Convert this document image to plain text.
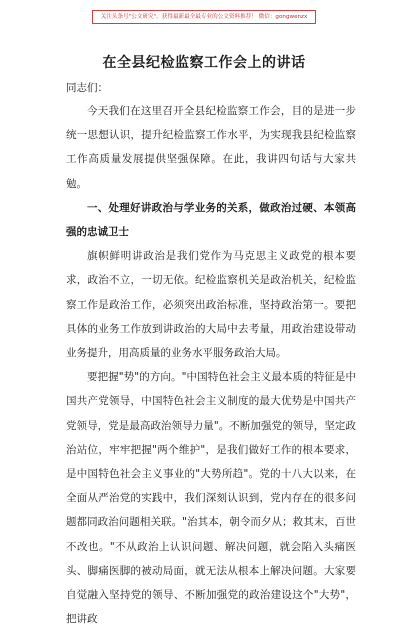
关注头条号"公文研究"，获得最新最全最专业的公文资料推荐！ 微信：gongwenzx
在全县纪检监察工作会上的讲话
同志们：

今天我们在这里召开全县纪检监察工作会，目的是进一步统一思想认识，提升纪检监察工作水平，为实现我县纪检监察工作高质量发展提供坚强保障。在此，我讲四句话与大家共勉。

一、处理好讲政治与学业务的关系，做政治过硬、本领高强的忠诚卫士

旗帜鲜明讲政治是我们党作为马克思主义政党的根本要求，政治不立，一切无依。纪检监察机关是政治机关，纪检监察工作是政治工作，必须突出政治标准，坚持政治第一。要把具体的业务工作放到讲政治的大局中去考量，用政治建设带动业务提升，用高质量的业务水平服务政治大局。

要把握"势"的方向。"中国特色社会主义最本质的特征是中国共产党领导，中国特色社会主义制度的最大优势是中国共产党领导，党是最高政治领导力量"。不断加强党的领导，坚定政治站位，牢牢把握"两个维护"，是我们做好工作的根本要求，是中国特色社会主义事业的"大势所趋"。党的十八大以来，在全面从严治党的实践中，我们深刻认识到，党内存在的很多问题都同政治问题相关联。"治其本，朝令而夕从；救其末，百世不改也。"不从政治上认识问题、解决问题，就会陷入头痛医头、脚痛医脚的被动局面，就无法从根本上解决问题。大家要自觉融入坚持党的领导、不断加强党的政治建设这个"大势"，把讲政
